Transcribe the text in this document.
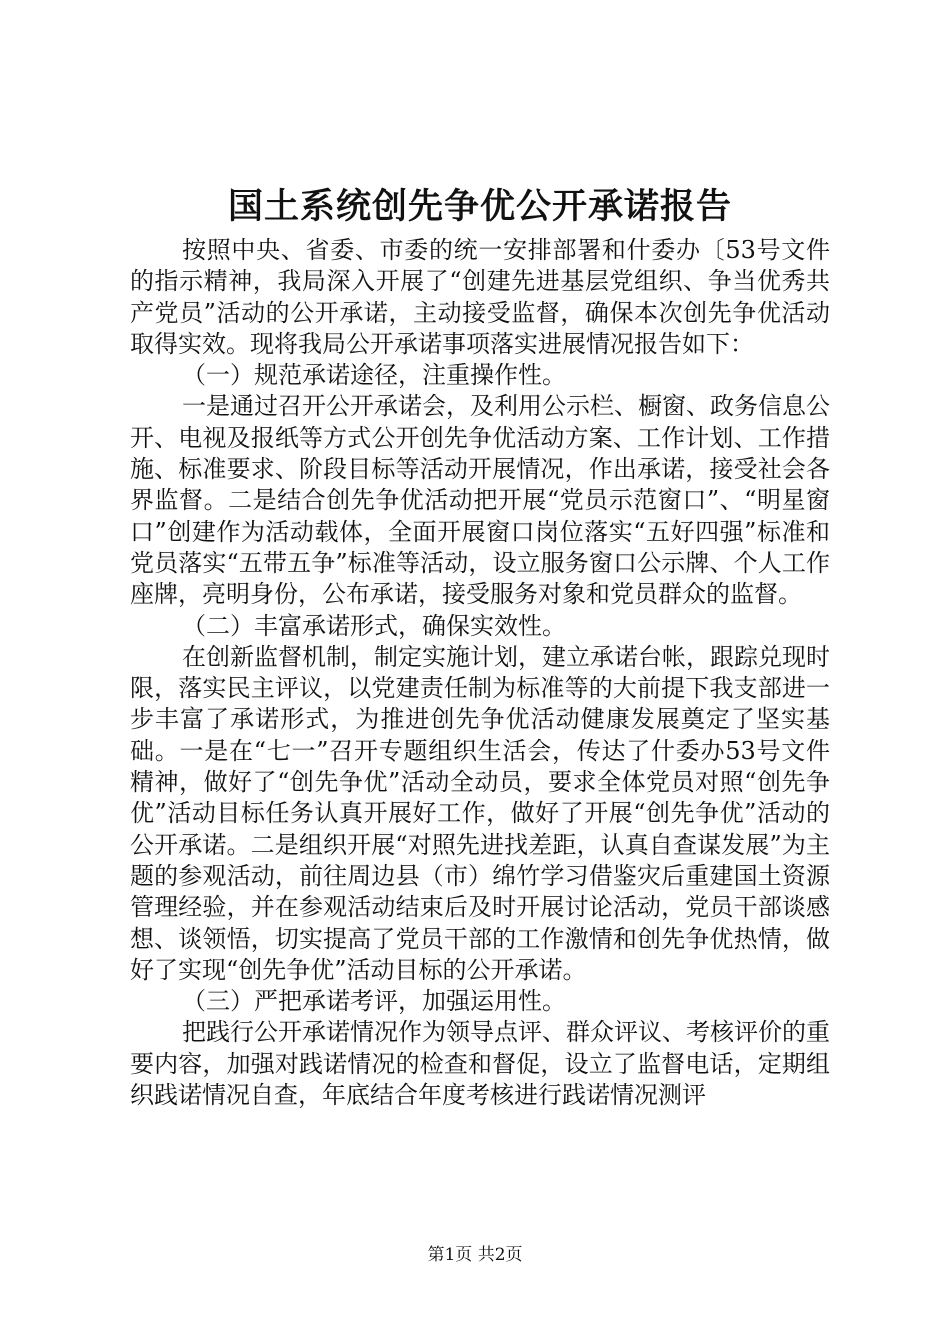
国土系统创先争优公开承诺报告

按照中央、省委、市委的统一安排部署和什委办〔53号文件的指示精神，我局深入开展了“创建先进基层党组织、争当优秀共产党员”活动的公开承诺，主动接受监督，确保本次创先争优活动取得实效。现将我局公开承诺事项落实进展情况报告如下：

（一）规范承诺途径，注重操作性。

一是通过召开公开承诺会，及利用公示栏、橱窗、政务信息公开、电视及报纸等方式公开创先争优活动方案、工作计划、工作措施、标准要求、阶段目标等活动开展情况，作出承诺，接受社会各界监督。二是结合创先争优活动把开展“党员示范窗口”、“明星窗口”创建作为活动载体，全面开展窗口岗位落实“五好四强”标准和党员落实“五带五争”标准等活动，设立服务窗口公示牌、个人工作座牌，亮明身份，公布承诺，接受服务对象和党员群众的监督。

（二）丰富承诺形式，确保实效性。

在创新监督机制，制定实施计划，建立承诺台帐，跟踪兑现时限，落实民主评议，以党建责任制为标准等的大前提下我支部进一步丰富了承诺形式，为推进创先争优活动健康发展奠定了坚实基础。一是在“七一”召开专题组织生活会，传达了什委办53号文件精神，做好了“创先争优”活动全动员，要求全体党员对照“创先争优”活动目标任务认真开展好工作，做好了开展“创先争优”活动的公开承诺。二是组织开展“对照先进找差距，认真自查谋发展”为主题的参观活动，前往周边县（市）绵竹学习借鉴灾后重建国土资源管理经验，并在参观活动结束后及时开展讨论活动，党员干部谈感想、谈领悟，切实提高了党员干部的工作激情和创先争优热情，做好了实现“创先争优”活动目标的公开承诺。

（三）严把承诺考评，加强运用性。

把践行公开承诺情况作为领导点评、群众评议、考核评价的重要内容，加强对践诺情况的检查和督促，设立了监督电话，定期组织践诺情况自查，年底结合年度考核进行践诺情况测评

第1页 共2页
